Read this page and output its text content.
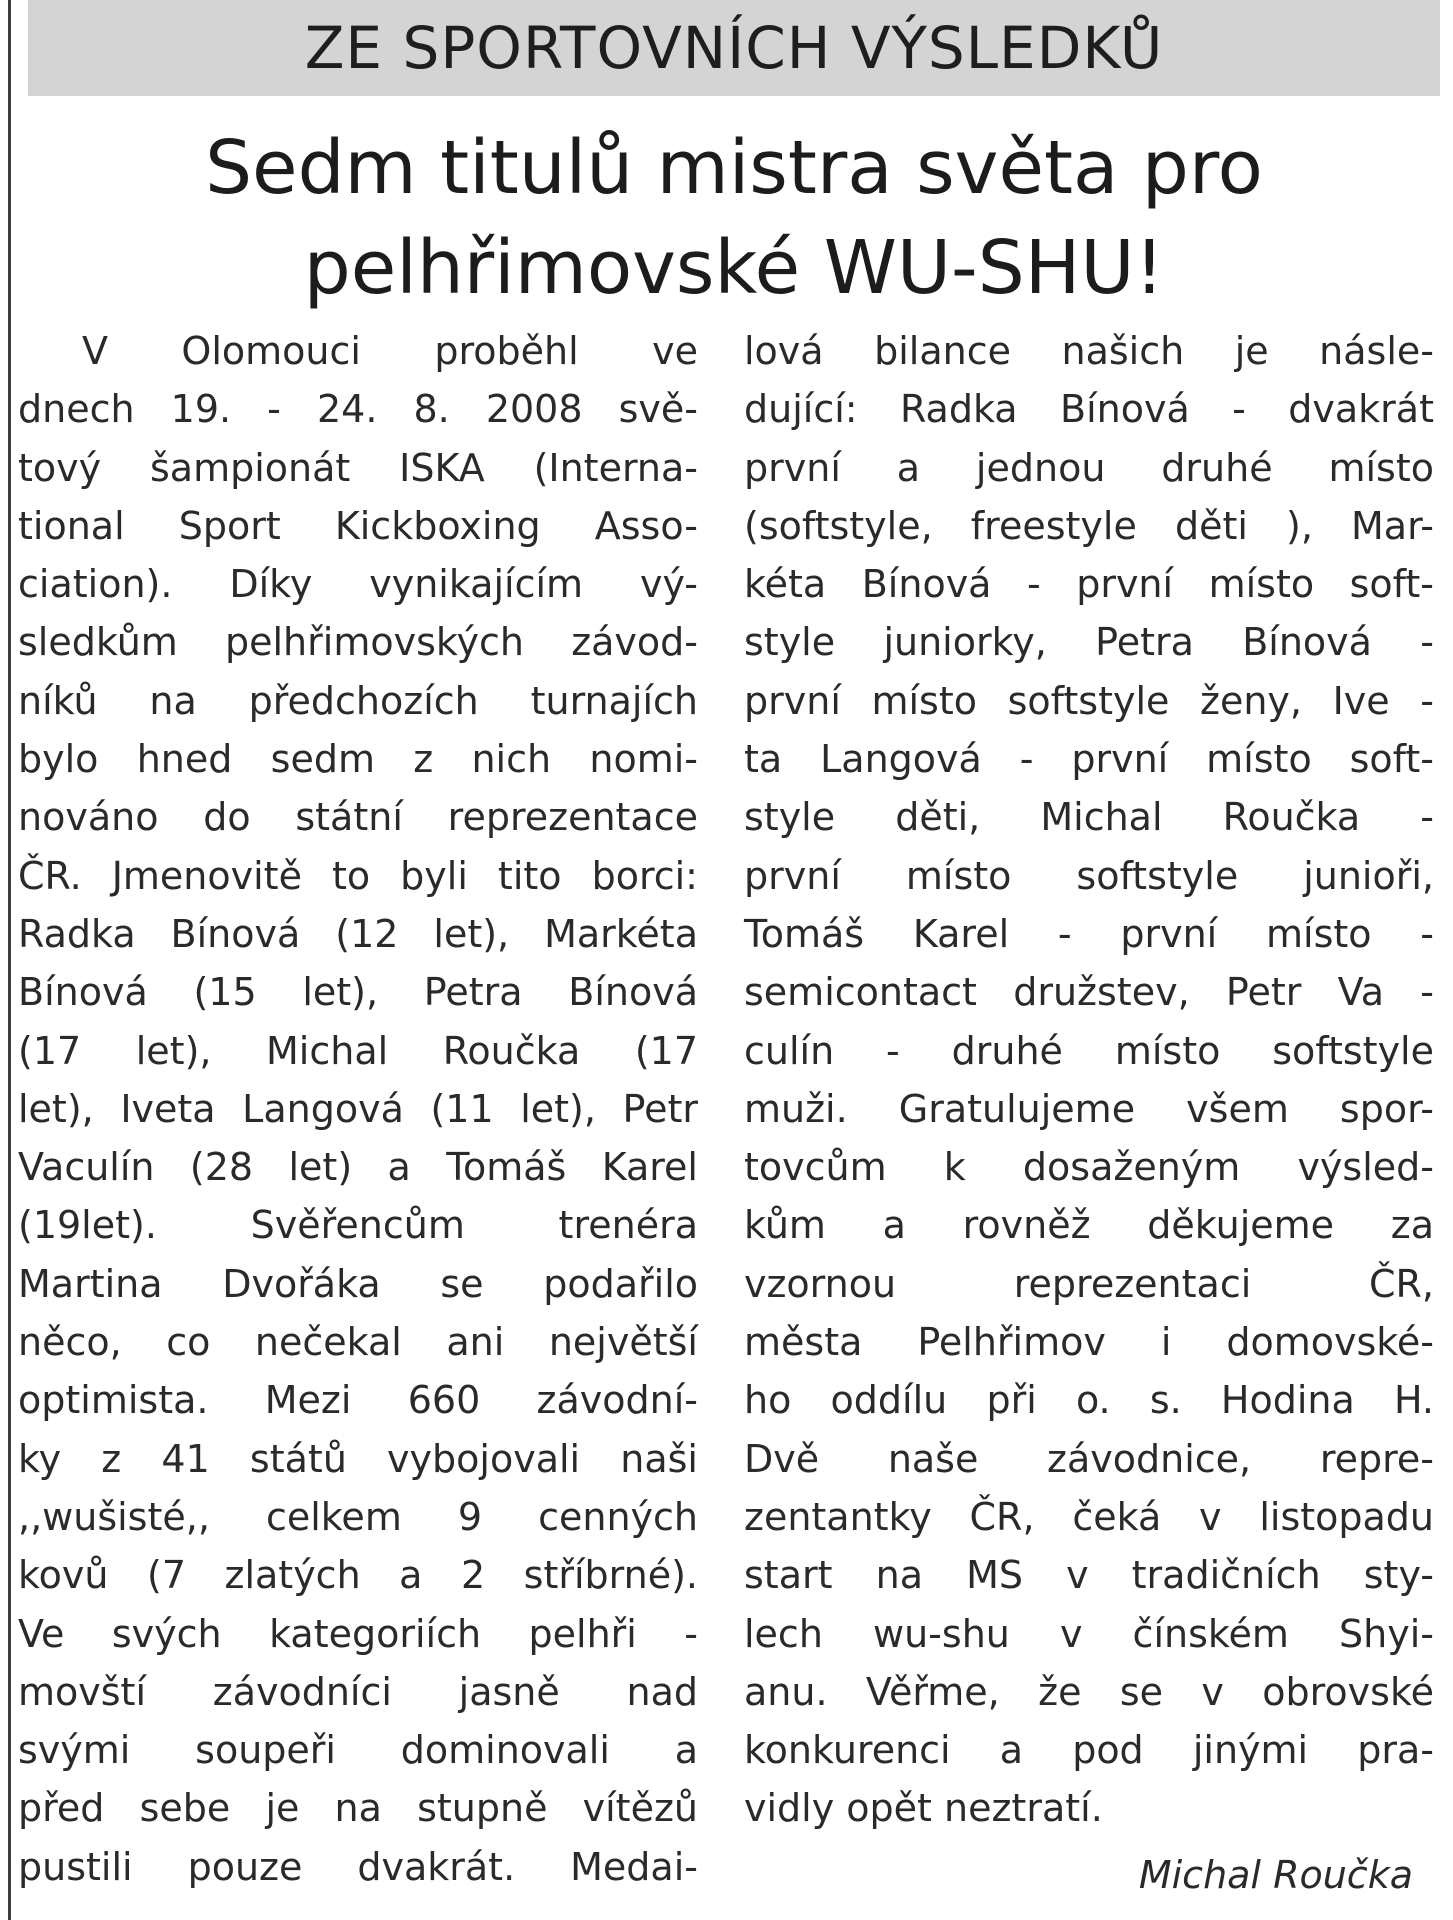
ZE SPORTOVNÍCH VÝSLEDKŮ
Sedm titulů mistra světa pro
pelhřimovské WU-SHU!
V Olomouci proběhl ve
dnech 19. - 24. 8. 2008 svě-
tový šampionát ISKA (Interna-
tional Sport Kickboxing Asso-
ciation). Díky vynikajícím vý-
sledkům pelhřimovských závod-
níků na předchozích turnajích
bylo hned sedm z nich nomi-
nováno do státní reprezentace
ČR. Jmenovitě to byli tito borci:
Radka Bínová (12 let), Markéta
Bínová (15 let), Petra Bínová
(17 let), Michal Roučka (17
let), Iveta Langová (11 let), Petr
Vaculín (28 let) a Tomáš Karel
(19let). Svěřencům trenéra
Martina Dvořáka se podařilo
něco, co nečekal ani největší
optimista. Mezi 660 závodní-
ky z 41 států vybojovali naši
,,wušisté,, celkem 9 cenných
kovů (7 zlatých a 2 stříbrné).
Ve svých kategoriích pelhři -
movští závodníci jasně nad
svými soupeři dominovali a
před sebe je na stupně vítězů
pustili pouze dvakrát. Medai-
lová bilance našich je násle-
dující: Radka Bínová - dvakrát
první a jednou druhé místo
(softstyle, freestyle děti ), Mar-
kéta Bínová - první místo soft-
style juniorky, Petra Bínová -
první místo softstyle ženy, Ive -
ta Langová - první místo soft-
style děti, Michal Roučka -
první místo softstyle junioři,
Tomáš Karel - první místo -
semicontact družstev, Petr Va -
culín - druhé místo softstyle
muži. Gratulujeme všem spor-
tovcům k dosaženým výsled-
kům a rovněž děkujeme za
vzornou reprezentaci ČR,
města Pelhřimov i domovské-
ho oddílu při o. s. Hodina H.
Dvě naše závodnice, repre-
zentantky ČR, čeká v listopadu
start na MS v tradičních sty-
lech wu-shu v čínském Shyi-
anu. Věřme, že se v obrovské
konkurenci a pod jinými pra-
vidly opět neztratí.
Michal Roučka
